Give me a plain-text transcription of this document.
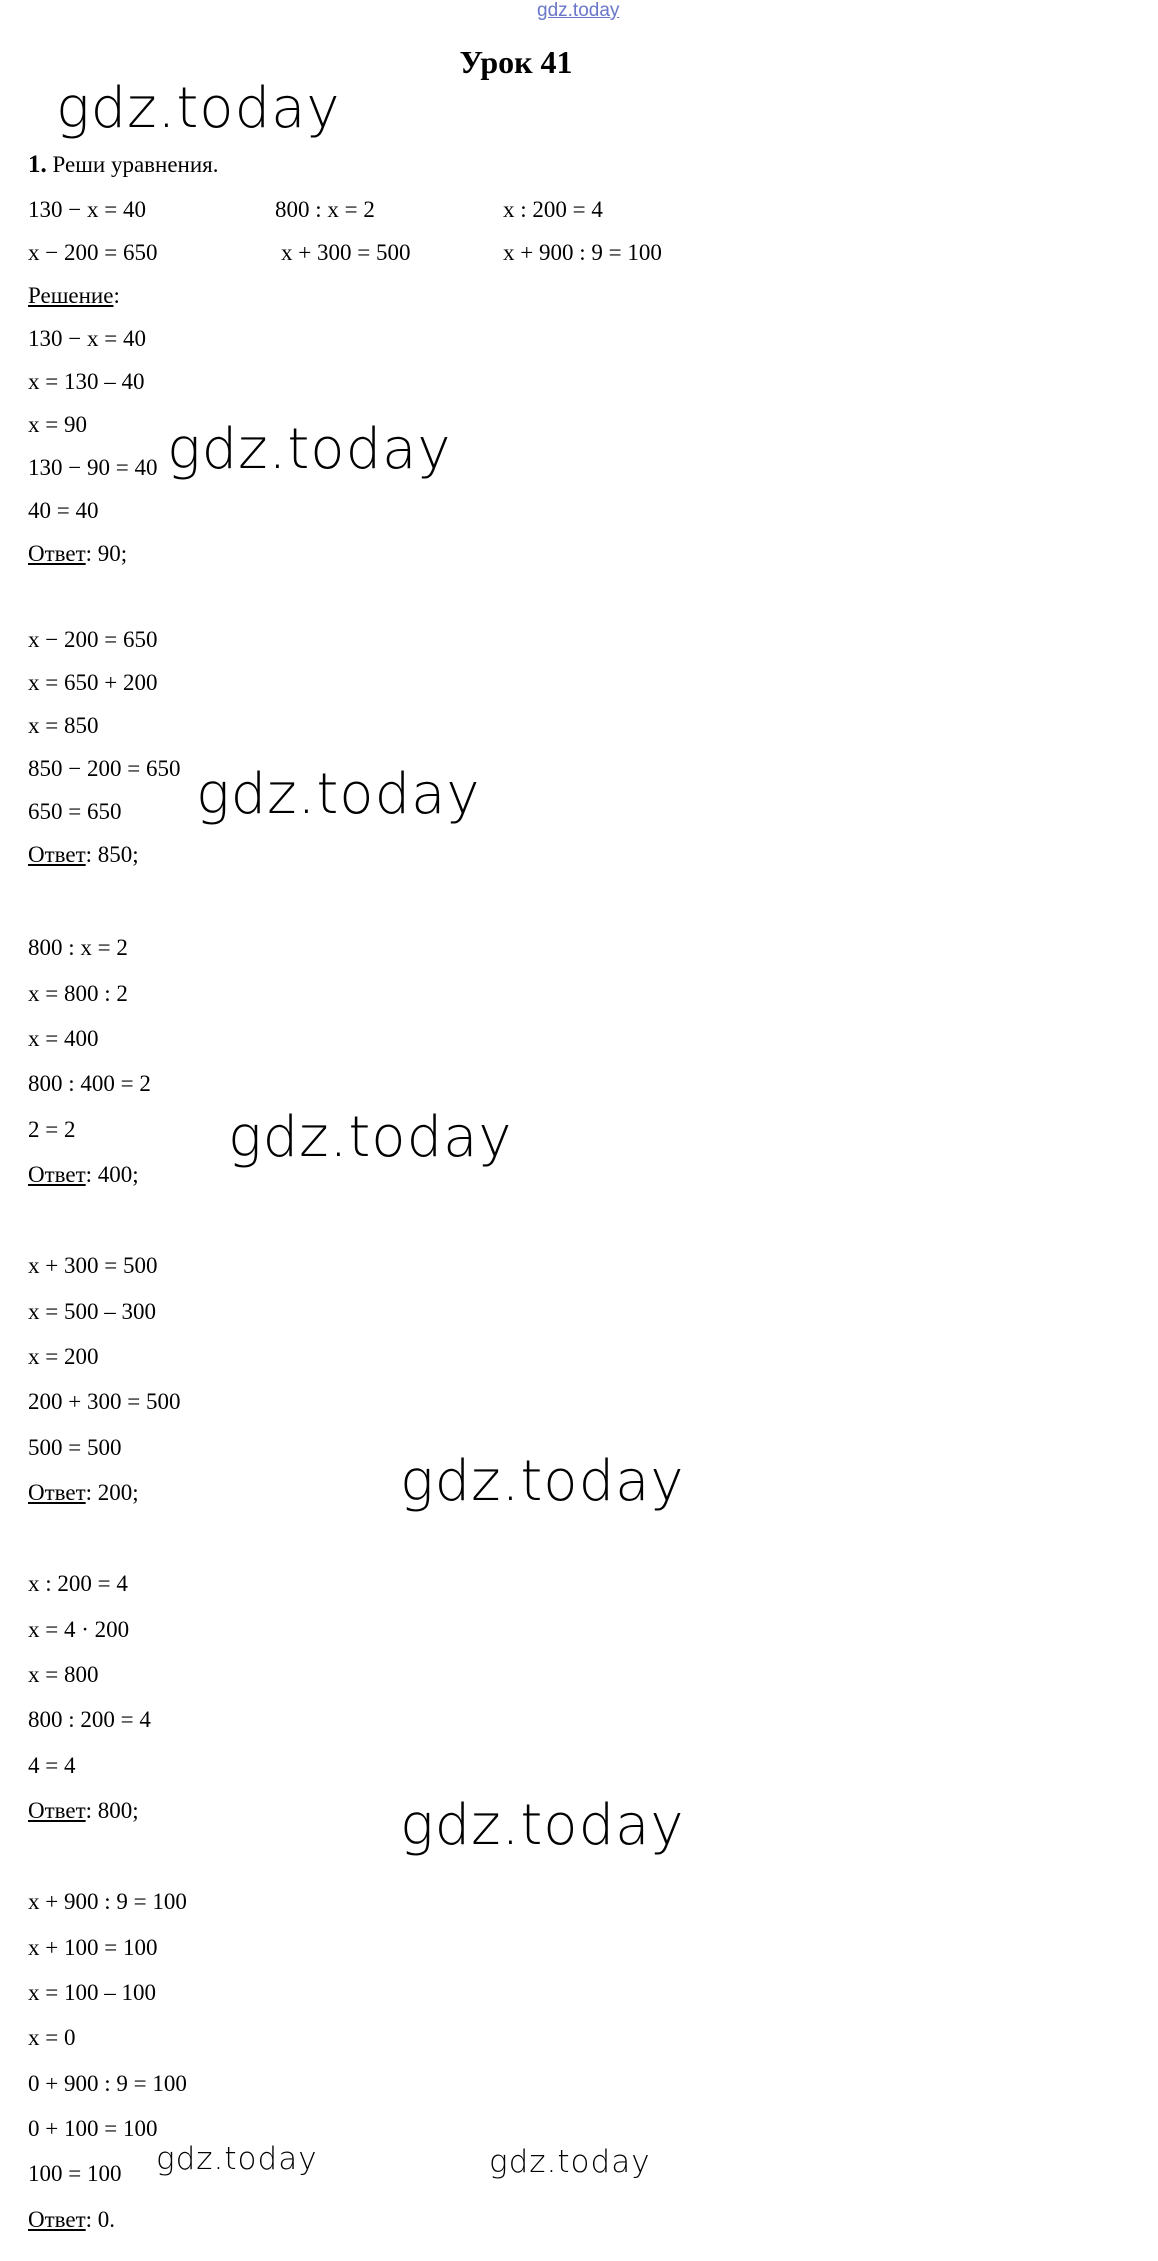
gdz.today
Урок 41
1. Реши уравнения.
130 − x = 40	800 : x = 2	x : 200 = 4
x − 200 = 650	x + 300 = 500	x + 900 : 9 = 100
Решение:
130 − x = 40
x = 130 – 40
x = 90
130 − 90 = 40
40 = 40
Ответ: 90;
x − 200 = 650
x = 650 + 200
x = 850
850 − 200 = 650
650 = 650
Ответ: 850;
800 : x = 2
x = 800 : 2
x = 400
800 : 400 = 2
2 = 2
Ответ: 400;
x + 300 = 500
x = 500 – 300
x = 200
200 + 300 = 500
500 = 500
Ответ: 200;
x : 200 = 4
x = 4 · 200
x = 800
800 : 200 = 4
4 = 4
Ответ: 800;
x + 900 : 9 = 100
x + 100 = 100
x = 100 – 100
x = 0
0 + 900 : 9 = 100
0 + 100 = 100
100 = 100
Ответ: 0.
gdz.today
gdz.today
gdz.today
gdz.today
gdz.today
gdz.today
gdz.today	gdz.today
